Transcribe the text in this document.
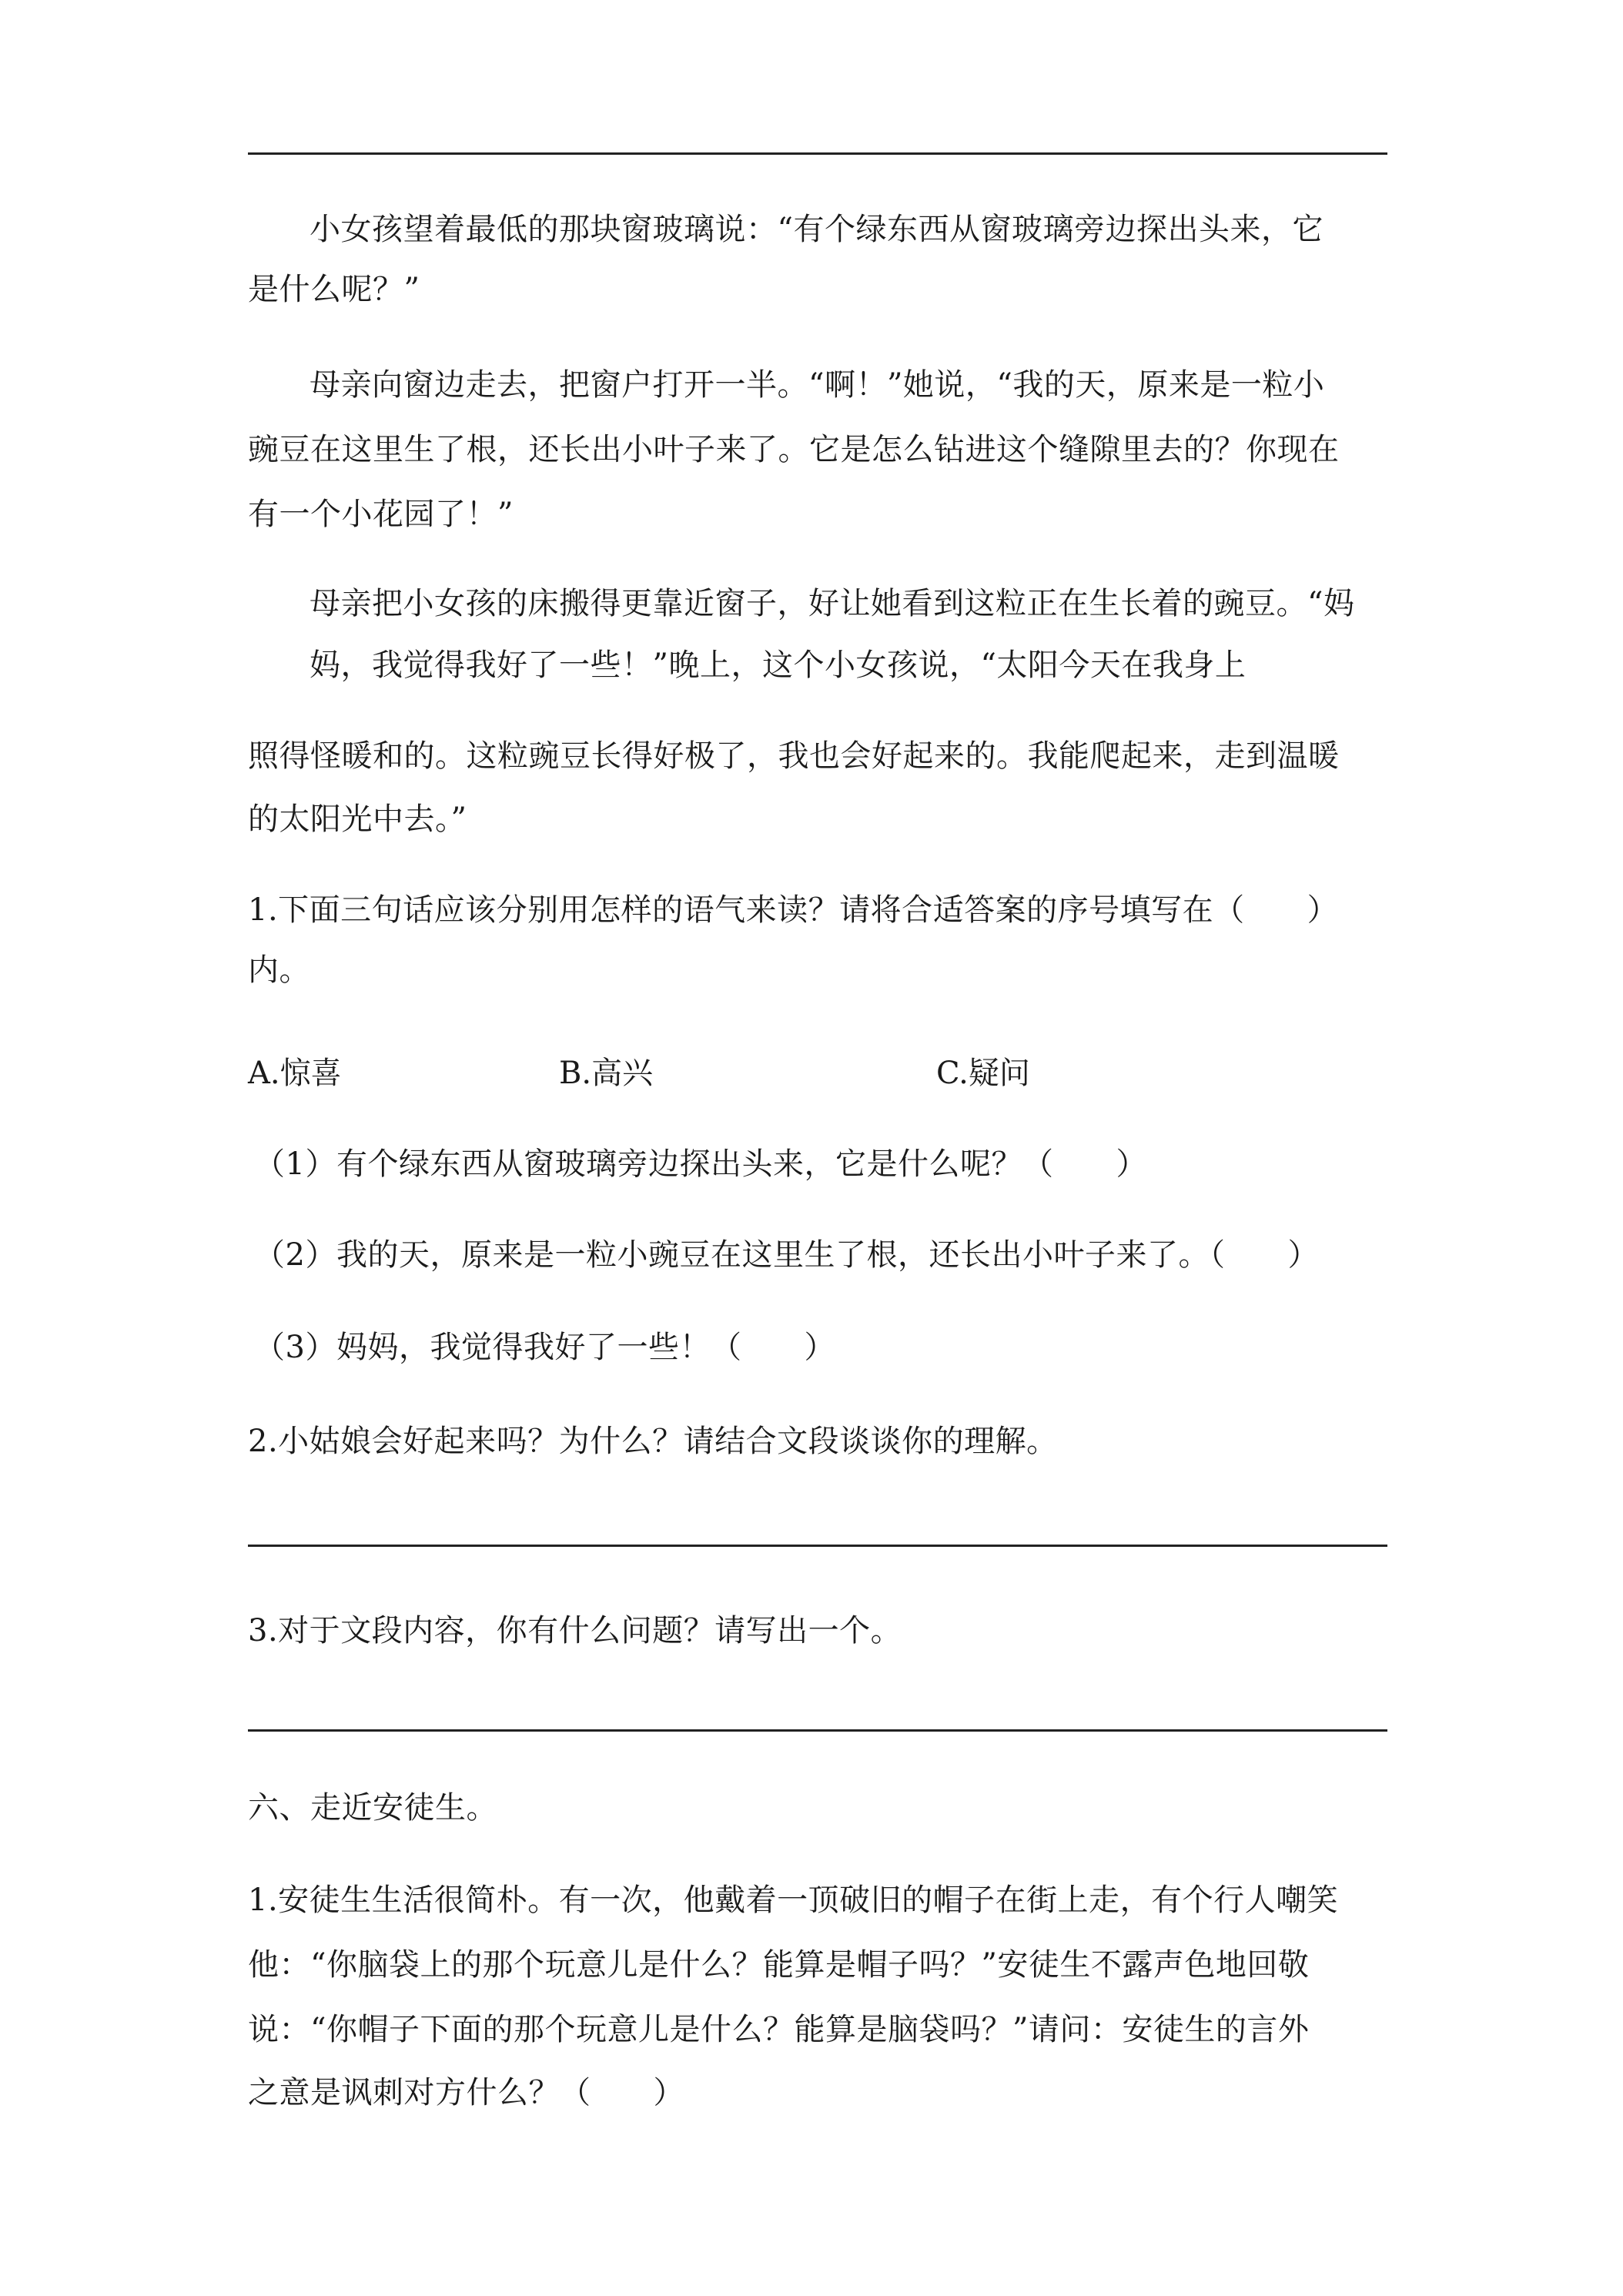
小女孩望着最低的那块窗玻璃说：“有个绿东西从窗玻璃旁边探出头来，它
是什么呢？”
母亲向窗边走去，把窗户打开一半。“啊！”她说，“我的天，原来是一粒小
豌豆在这里生了根，还长出小叶子来了。它是怎么钻进这个缝隙里去的？你现在
有一个小花园了！”
母亲把小女孩的床搬得更靠近窗子，好让她看到这粒正在生长着的豌豆。“妈
妈，我觉得我好了一些！”晚上，这个小女孩说，“太阳今天在我身上
照得怪暖和的。这粒豌豆长得好极了，我也会好起来的。我能爬起来，走到温暖
的太阳光中去。”
1.下面三句话应该分别用怎样的语气来读？请将合适答案的序号填写在（　　）
内。
A.惊喜	B.高兴	C.疑问
（1）有个绿东西从窗玻璃旁边探出头来，它是什么呢？（　　）
（2）我的天，原来是一粒小豌豆在这里生了根，还长出小叶子来了。（　　）
（3）妈妈，我觉得我好了一些！（　　）
2.小姑娘会好起来吗？为什么？请结合文段谈谈你的理解。
3.对于文段内容，你有什么问题？请写出一个。
六、走近安徒生。
1.安徒生生活很简朴。有一次，他戴着一顶破旧的帽子在街上走，有个行人嘲笑
他：“你脑袋上的那个玩意儿是什么？能算是帽子吗？”安徒生不露声色地回敬
说：“你帽子下面的那个玩意儿是什么？能算是脑袋吗？”请问：安徒生的言外
之意是讽刺对方什么？（　　）
